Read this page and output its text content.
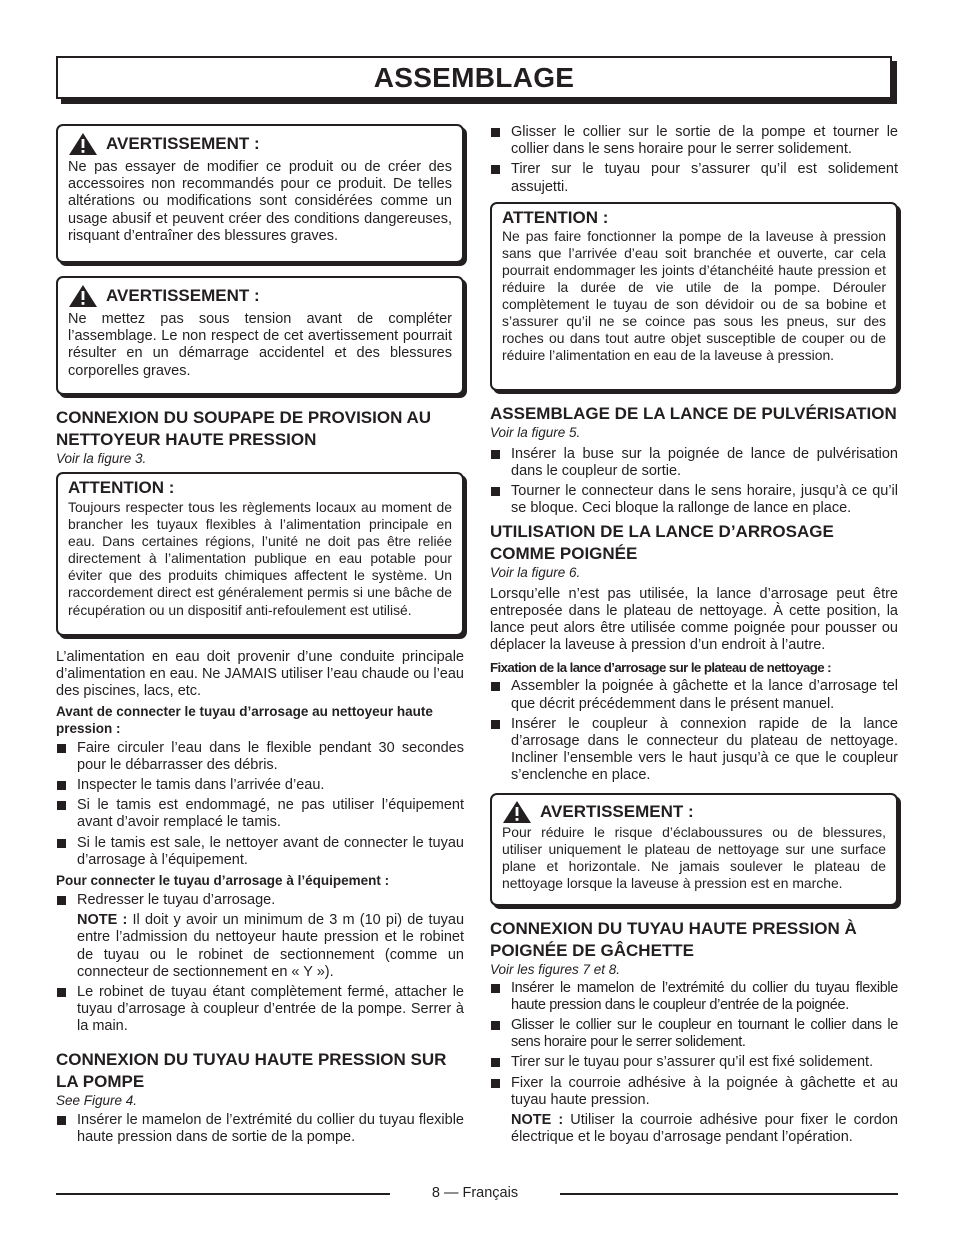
ASSEMBLAGE
AVERTISSEMENT :

Ne pas essayer de modifier ce produit ou de créer des accessoires non recommandés pour ce produit. De telles altérations ou modifications sont considérées comme un usage abusif et peuvent créer des conditions dangereuses, risquant d’entraîner des blessures graves.

AVERTISSEMENT :

Ne mettez pas sous tension avant de compléter l’assemblage. Le non respect de cet avertissement pourrait résulter en un démarrage accidentel et des blessures corporelles graves.

CONNEXION DU SOUPAPE DE PROVISION AU NETTOYEUR HAUTE PRESSION
Voir la figure 3.
ATTENTION :

Toujours respecter tous les règlements locaux au moment de brancher les tuyaux flexibles à l’alimentation principale en eau. Dans certaines régions, l’unité ne doit pas être reliée directement à l’alimentation publique en eau potable pour éviter que des produits chimiques affectent le système. Un raccordement direct est généralement permis si une bâche de récupération ou un dispositif anti-refoulement est utilisé.

L’alimentation en eau doit provenir d’une conduite principale d’alimentation en eau. Ne JAMAIS utiliser l’eau chaude ou l’eau des piscines, lacs, etc.

Avant de connecter le tuyau d’arrosage au nettoyeur haute pression :

Faire circuler l’eau dans le flexible pendant 30 secondes pour le débarrasser des débris.
Inspecter le tamis dans l’arrivée d’eau.
Si le tamis est endommagé, ne pas utiliser l’équipement avant d’avoir remplacé le tamis.
Si le tamis est sale, le nettoyer avant de connecter le tuyau d’arrosage à l’équipement.

Pour connecter le tuyau d’arrosage à l’équipement :

Redresser le tuyau d’arrosage.
NOTE : Il doit y avoir un minimum de 3 m (10 pi) de tuyau entre l’admission du nettoyeur haute pression et le robinet de tuyau ou le robinet de sectionnement (comme un connecteur de sectionnement en « Y »).
Le robinet de tuyau étant complètement fermé, attacher le tuyau d’arrosage à coupleur d’entrée de la pompe. Serrer à la main.
CONNEXION DU TUYAU HAUTE PRESSION SUR LA POMPE
See Figure 4.
Insérer le mamelon de l’extrémité du collier du tuyau flexible haute pression dans de sortie de la pompe.
Glisser le collier sur le sortie de la pompe et tourner le collier dans le sens horaire pour le serrer solidement.
Tirer sur le tuyau pour s’assurer qu’il est solidement assujetti.
ATTENTION :

Ne pas faire fonctionner la pompe de la laveuse à pression sans que l’arrivée d’eau soit branchée et ouverte, car cela pourrait endommager les joints d’étanchéité haute pression et réduire la durée de vie utile de la pompe. Dérouler complètement le tuyau de son dévidoir ou de sa bobine et s’assurer qu’il ne se coince pas sous les pneus, sur des roches ou dans tout autre objet susceptible de couper ou de réduire l’alimentation en eau de la laveuse à pression.

ASSEMBLAGE DE LA LANCE DE PULVÉRISATION
Voir la figure 5.
Insérer la buse sur la poignée de lance de pulvérisation dans le coupleur de sortie.
Tourner le connecteur dans le sens horaire, jusqu’à ce qu’il se bloque. Ceci bloque la rallonge de lance en place.
UTILISATION DE LA LANCE D’ARROSAGE COMME POIGNÉE
Voir la figure 6.

Lorsqu’elle n’est pas utilisée, la lance d’arrosage peut être entreposée dans le plateau de nettoyage. À cette position, la lance peut alors être utilisée comme poignée pour pousser ou déplacer la laveuse à pression d’un endroit à l’autre.

Fixation de la lance d’arrosage sur le plateau de nettoyage :

Assembler la poignée à gâchette et la lance d’arrosage tel que décrit précédemment dans le présent manuel.
Insérer le coupleur à connexion rapide de la lance d’arrosage dans le connecteur du plateau de nettoyage. Incliner l’ensemble vers le haut jusqu’à ce que le coupleur s’enclenche en place.
AVERTISSEMENT :

Pour réduire le risque d’éclaboussures ou de blessures, utiliser uniquement le plateau de nettoyage sur une surface plane et horizontale. Ne jamais soulever le plateau de nettoyage lorsque la laveuse à pression est en marche.

CONNEXION DU TUYAU HAUTE PRESSION À POIGNÉE DE GÂCHETTE
Voir les figures 7 et 8.
Insérer le mamelon de l’extrémité du collier du tuyau flexible haute pression dans le coupleur d’entrée de la poignée.
Glisser le collier sur le coupleur en tournant le collier dans le sens horaire pour le serrer solidement.
Tirer sur le tuyau pour s’assurer qu’il est fixé solidement.
Fixer la courroie adhésive à la poignée à gâchette et au tuyau haute pression.
NOTE : Utiliser la courroie adhésive pour fixer le cordon électrique et le boyau d’arrosage pendant l’opération.
8 — Français
